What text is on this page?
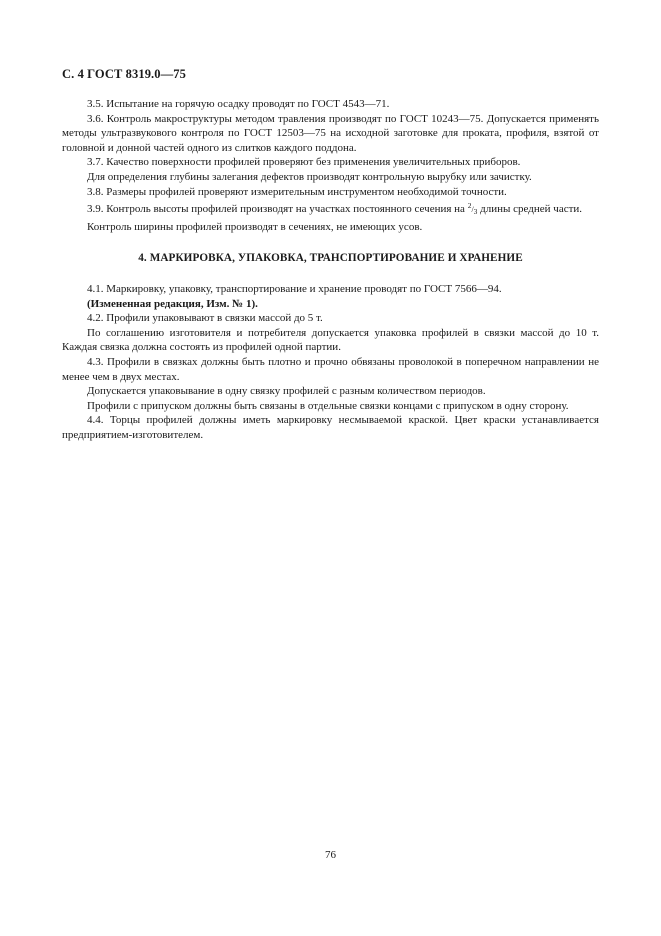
С. 4 ГОСТ 8319.0—75

3.5. Испытание на горячую осадку проводят по ГОСТ 4543—71.

3.6. Контроль макроструктуры методом травления производят по ГОСТ 10243—75. Допускается применять методы ультразвукового контроля по ГОСТ 12503—75 на исходной заготовке для проката, профиля, взятой от головной и донной частей одного из слитков каждого поддона.

3.7. Качество поверхности профилей проверяют без применения увеличительных приборов.

Для определения глубины залегания дефектов производят контрольную вырубку или зачистку.

3.8. Размеры профилей проверяют измерительным инструментом необходимой точности.

3.9. Контроль высоты профилей производят на участках постоянного сечения на $^2/_3$ длины средней части.

Контроль ширины профилей производят в сечениях, не имеющих усов.

4. МАРКИРОВКА, УПАКОВКА, ТРАНСПОРТИРОВАНИЕ И ХРАНЕНИЕ

4.1. Маркировку, упаковку, транспортирование и хранение проводят по ГОСТ 7566—94.

(Измененная редакция, Изм. № 1).

4.2. Профили упаковывают в связки массой до 5 т.

По соглашению изготовителя и потребителя допускается упаковка профилей в связки массой до 10 т. Каждая связка должна состоять из профилей одной партии.

4.3. Профили в связках должны быть плотно и прочно обвязаны проволокой в поперечном направлении не менее чем в двух местах.

Допускается упаковывание в одну связку профилей с разным количеством периодов.

Профили с припуском должны быть связаны в отдельные связки концами с припуском в одну сторону.

4.4. Торцы профилей должны иметь маркировку несмываемой краской. Цвет краски устанавливается предприятием-изготовителем.

76
